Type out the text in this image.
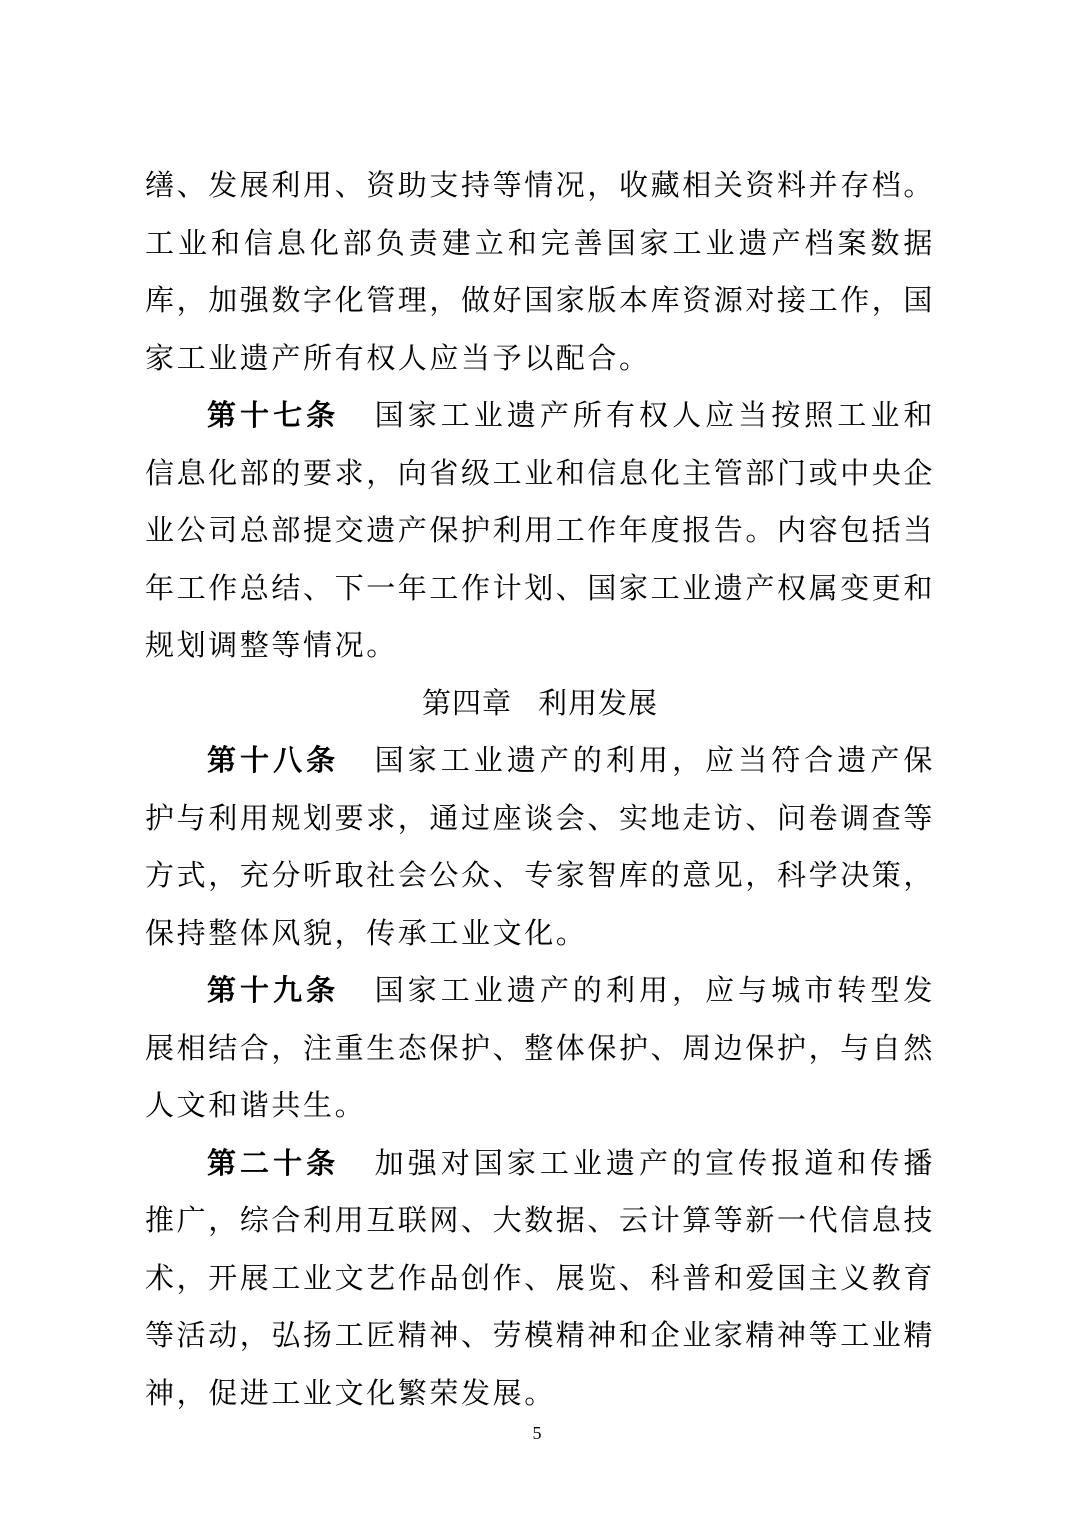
缮、发展利用、资助支持等情况，收藏相关资料并存档。工业和信息化部负责建立和完善国家工业遗产档案数据库，加强数字化管理，做好国家版本库资源对接工作，国家工业遗产所有权人应当予以配合。

第十七条 国家工业遗产所有权人应当按照工业和信息化部的要求，向省级工业和信息化主管部门或中央企业公司总部提交遗产保护利用工作年度报告。内容包括当年工作总结、下一年工作计划、国家工业遗产权属变更和规划调整等情况。

第四章 利用发展

第十八条 国家工业遗产的利用，应当符合遗产保护与利用规划要求，通过座谈会、实地走访、问卷调查等方式，充分听取社会公众、专家智库的意见，科学决策，保持整体风貌，传承工业文化。

第十九条 国家工业遗产的利用，应与城市转型发展相结合，注重生态保护、整体保护、周边保护，与自然人文和谐共生。

第二十条 加强对国家工业遗产的宣传报道和传播推广，综合利用互联网、大数据、云计算等新一代信息技术，开展工业文艺作品创作、展览、科普和爱国主义教育等活动，弘扬工匠精神、劳模精神和企业家精神等工业精神，促进工业文化繁荣发展。

5
